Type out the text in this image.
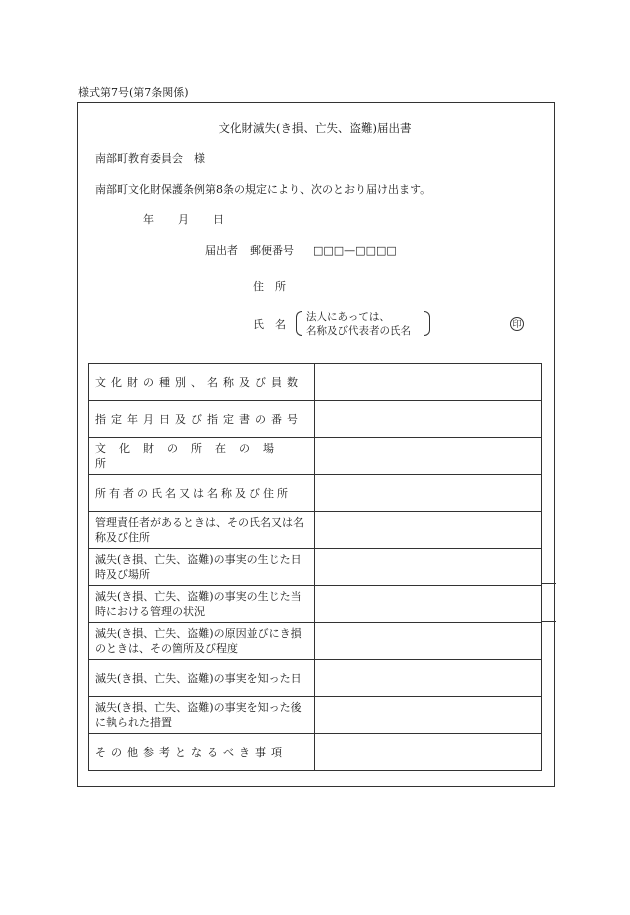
様式第7号(第7条関係)
文化財滅失(き損、亡失、盗難)届出書
南部町教育委員会　様
南部町文化財保護条例第8条の規定により、次のとおり届け出ます。
年 月 日
届出者 郵便番号 □□□—□□□□
住　所
氏　名
法人にあっては、
名称及び代表者の氏名	印
文化財の種別、名称及び員数	
指定年月日及び指定書の番号	
文化財の所在の場所	
所有者の氏名又は名称及び住所	
管理責任者があるときは、その氏名又は名称及び住所	
滅失(き損、亡失、盗難)の事実の生じた日時及び場所	
滅失(き損、亡失、盗難)の事実の生じた当時における管理の状況	
滅失(き損、亡失、盗難)の原因並びにき損のときは、その箇所及び程度	
滅失(き損、亡失、盗難)の事実を知った日	
滅失(き損、亡失、盗難)の事実を知った後に執られた措置	
その他参考となるべき事項	
